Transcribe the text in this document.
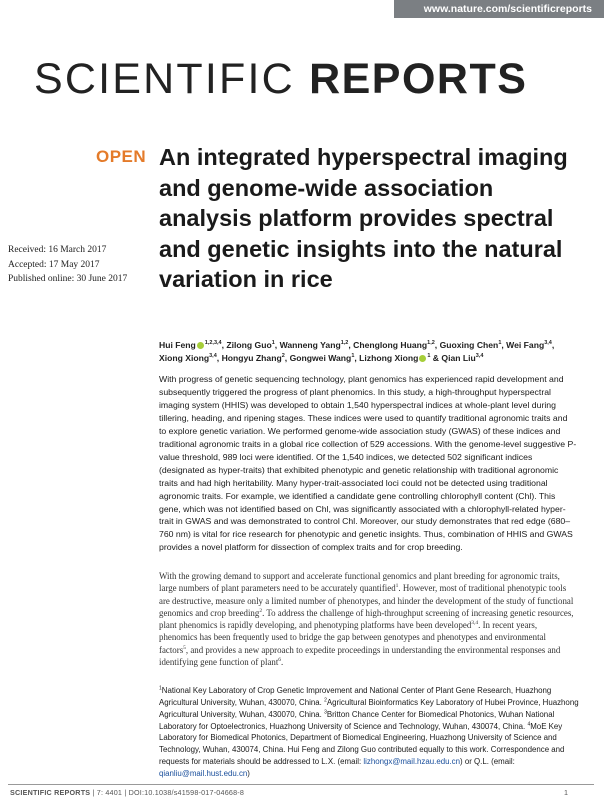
www.nature.com/scientificreports
SCIENTIFIC REPORTS
OPEN An integrated hyperspectral imaging and genome-wide association analysis platform provides spectral and genetic insights into the natural variation in rice
Received: 16 March 2017
Accepted: 17 May 2017
Published online: 30 June 2017
Hui Feng $^{1,2,3,4}$, Zilong Guo$^1$, Wanneng Yang$^{1,2}$, Chenglong Huang$^{1,2}$, Guoxing Chen$^1$, Wei Fang$^{3,4}$, Xiong Xiong$^{3,4}$, Hongyu Zhang$^2$, Gongwei Wang$^1$, Lizhong Xiong $^1$ & Qian Liu$^{3,4}$

With progress of genetic sequencing technology, plant genomics has experienced rapid development and subsequently triggered the progress of plant phenomics. In this study, a high-throughput hyperspectral imaging system (HHIS) was developed to obtain 1,540 hyperspectral indices at whole-plant level during tillering, heading, and ripening stages. These indices were used to quantify traditional agronomic traits and to explore genetic variation. We performed genome-wide association study (GWAS) of these indices and traditional agronomic traits in a global rice collection of 529 accessions. With the genome-level suggestive P-value threshold, 989 loci were identified. Of the 1,540 indices, we detected 502 significant indices (designated as hyper-traits) that exhibited phenotypic and genetic relationship with traditional agronomic traits and had high heritability. Many hyper-trait-associated loci could not be detected using traditional agronomic traits. For example, we identified a candidate gene controlling chlorophyll content (Chl). This gene, which was not identified based on Chl, was significantly associated with a chlorophyll-related hyper-trait in GWAS and was demonstrated to control Chl. Moreover, our study demonstrates that red edge (680–760 nm) is vital for rice research for phenotypic and genetic insights. Thus, combination of HHIS and GWAS provides a novel platform for dissection of complex traits and for crop breeding.

With the growing demand to support and accelerate functional genomics and plant breeding for agronomic traits, large numbers of plant parameters need to be accurately quantified$^1$. However, most of traditional phenotypic tools are destructive, measure only a limited number of phenotypes, and hinder the development of the study of functional genomics and crop breeding$^2$. To address the challenge of high-throughput screening of increasing genetic resources, plant phenomics is rapidly developing, and phenotyping platforms have been developed$^{3,4}$. In recent years, phenomics has been frequently used to bridge the gap between genotypes and phenotypes and environmental factors$^5$, and provides a new approach to expedite proceedings in understanding the environmental responses and identifying gene function of plant$^6$.
$^1$National Key Laboratory of Crop Genetic Improvement and National Center of Plant Gene Research, Huazhong Agricultural University, Wuhan, 430070, China. $^2$Agricultural Bioinformatics Key Laboratory of Hubei Province, Huazhong Agricultural University, Wuhan, 430070, China. $^3$Britton Chance Center for Biomedical Photonics, Wuhan National Laboratory for Optoelectronics, Huazhong University of Science and Technology, Wuhan, 430074, China. $^4$MoE Key Laboratory for Biomedical Photonics, Department of Biomedical Engineering, Huazhong University of Science and Technology, Wuhan, 430074, China. Hui Feng and Zilong Guo contributed equally to this work. Correspondence and requests for materials should be addressed to L.X. (email: lizhongx@mail.hzau.edu.cn) or Q.L. (email: qianliu@mail.hust.edu.cn)
SCIENTIFIC REPORTS | 7: 4401 | DOI:10.1038/s41598-017-04668-8	1
